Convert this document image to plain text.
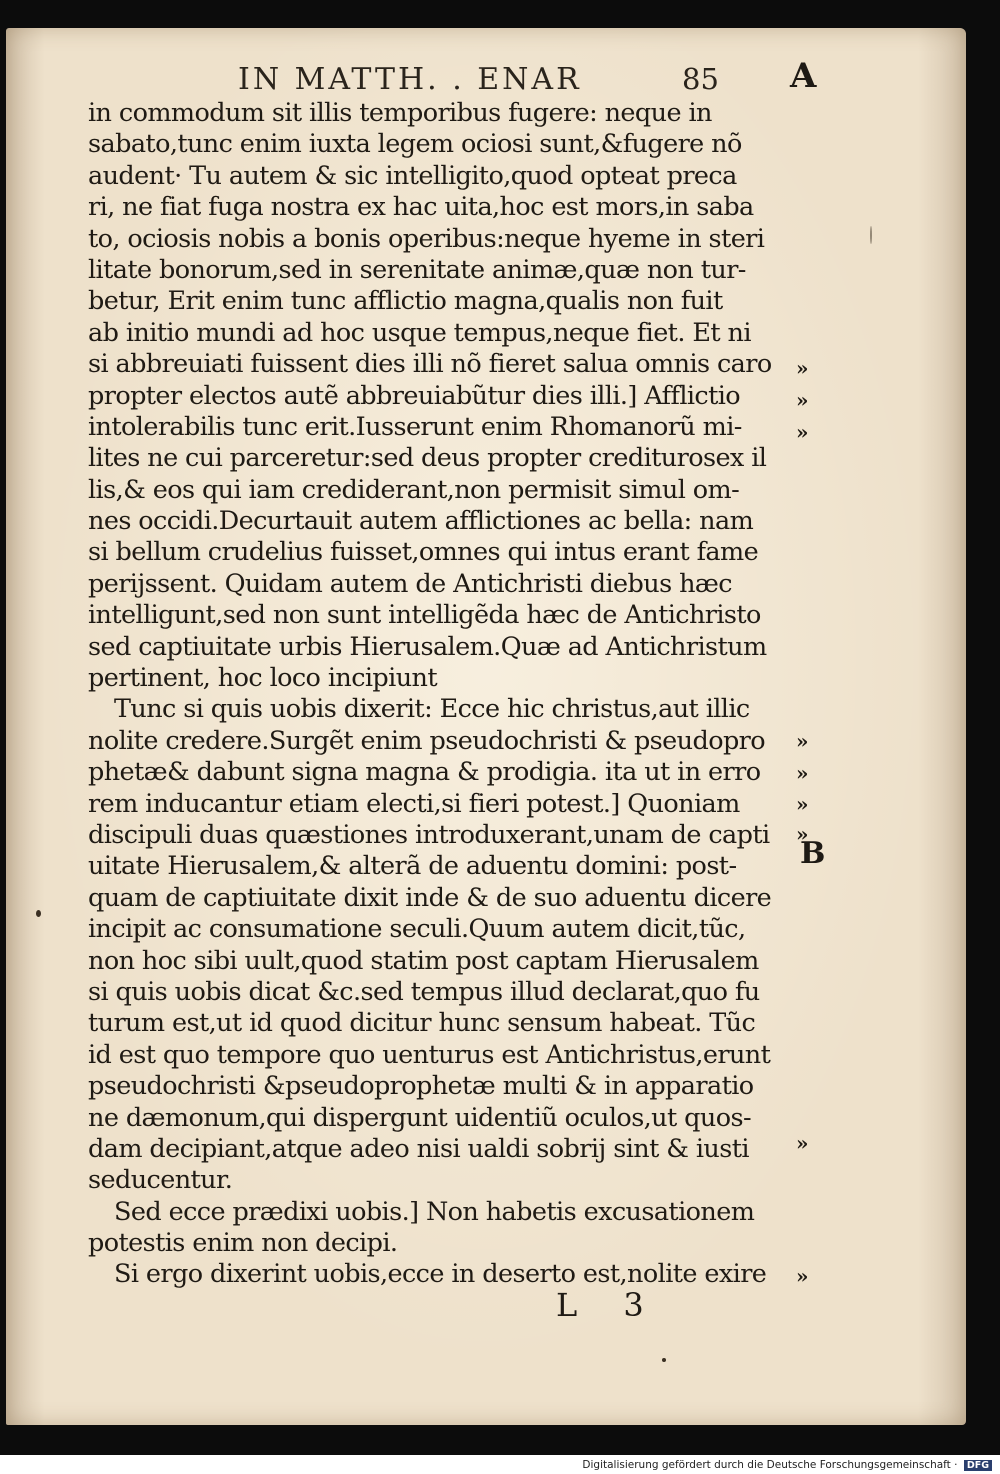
IN MATTH. . ENAR	85 A
B
in commodum sit illis temporibus fugere: neque in
sabato,tunc enim iuxta legem ociosi sunt,&fugere nõ
audent· Tu autem & sic intelligito,quod opteat preca
ri, ne fiat fuga nostra ex hac uita,hoc est mors,in saba
to, ociosis nobis a bonis operibus:neque hyeme in steri
litate bonorum,sed in serenitate animæ,quæ non tur-
betur, Erit enim tunc afflictio magna,qualis non fuit
ab initio mundi ad hoc usque tempus,neque fiet. Et ni
si abbreuiati fuissent dies illi nõ fieret salua omnis caro
propter electos autẽ abbreuiabũtur dies illi.] Afflictio
intolerabilis tunc erit.Iusserunt enim Rhomanorũ mi-
lites ne cui parceretur:sed deus propter crediturosex il
lis,& eos qui iam crediderant,non permisit simul om-
nes occidi.Decurtauit autem afflictiones ac bella: nam
si bellum crudelius fuisset,omnes qui intus erant fame
perijssent. Quidam autem de Antichristi diebus hæc
intelligunt,sed non sunt intelligẽda hæc de Antichristo
sed captiuitate urbis Hierusalem.Quæ ad Antichristum
pertinent, hoc loco incipiunt
Tunc si quis uobis dixerit: Ecce hic christus,aut illic
nolite credere.Surgẽt enim pseudochristi & pseudopro
phetæ& dabunt signa magna & prodigia. ita ut in erro
rem inducantur etiam electi,si fieri potest.] Quoniam
discipuli duas quæstiones introduxerant,unam de capti
uitate Hierusalem,& alterã de aduentu domini: post-
quam de captiuitate dixit inde & de suo aduentu dicere
incipit ac consumatione seculi.Quum autem dicit,tũc,
non hoc sibi uult,quod statim post captam Hierusalem
si quis uobis dicat &c.sed tempus illud declarat,quo fu
turum est,ut id quod dicitur hunc sensum habeat. Tũc
id est quo tempore quo uenturus est Antichristus,erunt
pseudochristi &pseudoprophetæ multi & in apparatio
ne dæmonum,qui dispergunt uidentiũ oculos,ut quos-
dam decipiant,atque adeo nisi ualdi sobrij sint & iusti
seducentur.
Sed ecce prædixi uobis.] Non habetis excusationem
potestis enim non decipi.
Si ergo dixerint uobis,ecce in deserto est,nolite exire
»
»
»
»
»
»
»
»
»
L 3
Digitalisierung gefördert durch die Deutsche Forschungsgemeinschaft · DFG
